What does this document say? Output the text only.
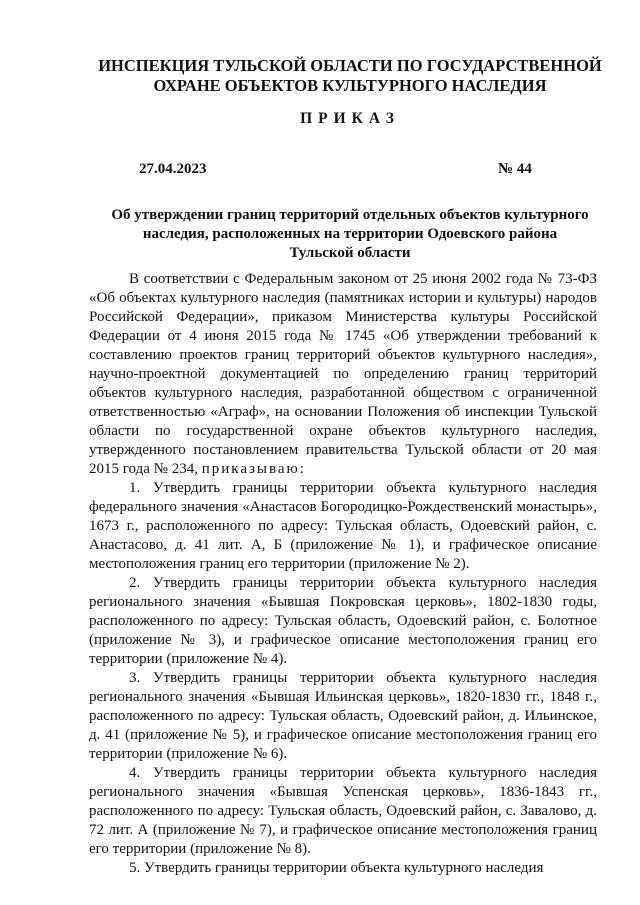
ИНСПЕКЦИЯ ТУЛЬСКОЙ ОБЛАСТИ ПО ГОСУДАРСТВЕННОЙ
ОХРАНЕ ОБЪЕКТОВ КУЛЬТУРНОГО НАСЛЕДИЯ
ПРИКАЗ
27.04.2023	№ 44
Об утверждении границ территорий отдельных объектов культурного
наследия, расположенных на территории Одоевского района
Тульской области

В соответствии с Федеральным законом от 25 июня 2002 года № 73-ФЗ «Об объектах культурного наследия (памятниках истории и культуры) народов Российской Федерации», приказом Министерства культуры Российской Федерации от 4 июня 2015 года № 1745 «Об утверждении требований к составлению проектов границ территорий объектов культурного наследия», научно-проектной документацией по определению границ территорий объектов культурного наследия, разработанной обществом с ограниченной ответственностью «Аграф», на основании Положения об инспекции Тульской области по государственной охране объектов культурного наследия, утвержденного постановлением правительства Тульской области от 20 мая 2015 года № 234, приказываю:

1. Утвердить границы территории объекта культурного наследия федерального значения «Анастасов Богородицко-Рождественский монастырь», 1673 г., расположенного по адресу: Тульская область, Одоевский район, с. Анастасово, д. 41 лит. А, Б (приложение № 1), и графическое описание местоположения границ его территории (приложение № 2).

2. Утвердить границы территории объекта культурного наследия регионального значения «Бывшая Покровская церковь», 1802-1830 годы, расположенного по адресу: Тульская область, Одоевский район, с. Болотное (приложение № 3), и графическое описание местоположения границ его территории (приложение № 4).

3. Утвердить границы территории объекта культурного наследия регионального значения «Бывшая Ильинская церковь», 1820-1830 гг., 1848 г., расположенного по адресу: Тульская область, Одоевский район, д. Ильинское, д. 41 (приложение № 5), и графическое описание местоположения границ его территории (приложение № 6).

4. Утвердить границы территории объекта культурного наследия регионального значения «Бывшая Успенская церковь», 1836-1843 гг., расположенного по адресу: Тульская область, Одоевский район, с. Завалово, д. 72 лит. А (приложение № 7), и графическое описание местоположения границ его территории (приложение № 8).

5. Утвердить границы территории объекта культурного наследия
